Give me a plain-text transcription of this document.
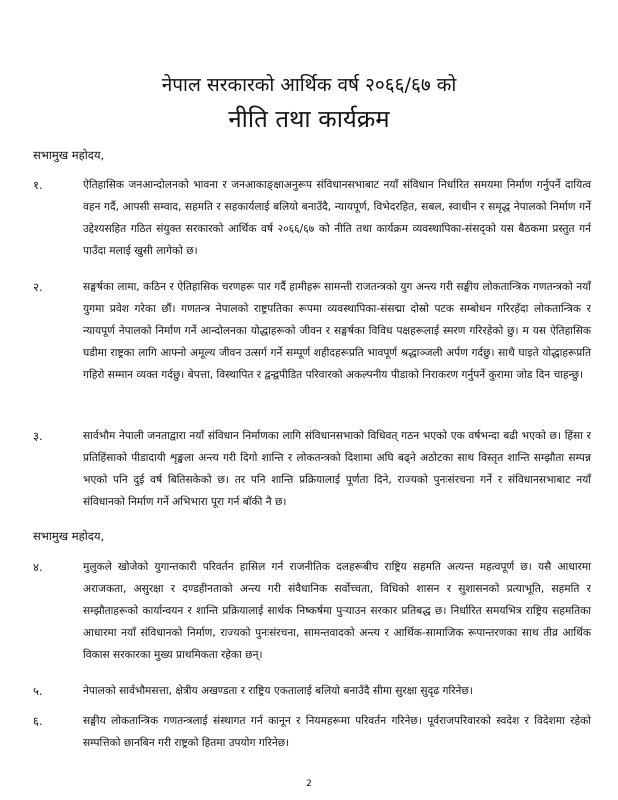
नेपाल सरकारको आर्थिक वर्ष २०६६/६७ को
नीति तथा कार्यक्रम
सभामुख महोदय,
१.	ऐतिहासिक जनआन्दोलनको भावना र जनआकाङ्क्षाअनुरूप संविधानसभाबाट नयाँ संविधान निर्धारित समयमा निर्माण गर्नुपर्ने दायित्व वहन गर्दै, आपसी सम्वाद, सहमति र सहकार्यलाई बलियो बनाउँदै, न्यायपूर्ण, विभेदरहित, सबल, स्वाधीन र समृद्ध नेपालको निर्माण गर्ने उद्देश्यसहित गठित संयुक्त सरकारको आर्थिक वर्ष २०६६/६७ को नीति तथा कार्यक्रम व्यवस्थापिका-संसद्को यस बैठकमा प्रस्तुत गर्न पाउँदा मलाई खुसी लागेको छ।
२.	सङ्घर्षका लामा, कठिन र ऐतिहासिक चरणहरू पार गर्दै हामीहरू सामन्ती राजतन्त्रको युग अन्त्य गरी सङ्घीय लोकतान्त्रिक गणतन्त्रको नयाँ युगमा प्रवेश गरेका छौं। गणतन्त्र नेपालको राष्ट्रपतिका रूपमा व्यवस्थापिका-संसद्मा दोस्रो पटक सम्बोधन गरिरहँदा लोकतान्त्रिक र न्यायपूर्ण नेपालको निर्माण गर्ने आन्दोलनका योद्धाहरूको जीवन र सङ्घर्षका विविध पक्षहरूलाई स्मरण गरिरहेको छु। म यस ऐतिहासिक घडीमा राष्ट्रका लागि आफ्नो अमूल्य जीवन उत्सर्ग गर्ने सम्पूर्ण शहीदहरूप्रति भावपूर्ण श्रद्धाञ्जली अर्पण गर्दछु। साथै घाइते योद्धाहरूप्रति गहिरो सम्मान व्यक्त गर्दछु। बेपत्ता, विस्थापित र द्वन्द्वपीडित परिवारको अकल्पनीय पीडाको निराकरण गर्नुपर्ने कुरामा जोड दिन चाहन्छु।
३.	सार्वभौम नेपाली जनताद्वारा नयाँ संविधान निर्माणका लागि संविधानसभाको विधिवत् गठन भएको एक वर्षभन्दा बढी भएको छ। हिंसा र प्रतिहिंसाको पीडादायी शृङ्खला अन्त्य गरी दिगो शान्ति र लोकतन्त्रको दिशामा अघि बढ्ने अठोटका साथ विस्तृत शान्ति सम्झौता सम्पन्न भएको पनि दुई वर्ष बितिसकेको छ। तर पनि शान्ति प्रक्रियालाई पूर्णता दिने, राज्यको पुनःसंरचना गर्ने र संविधानसभाबाट नयाँ संविधानको निर्माण गर्ने अभिभारा पूरा गर्न बाँकी नै छ।
सभामुख महोदय,
४.	मुलुकले खोजेको युगान्तकारी परिवर्तन हासिल गर्न राजनीतिक दलहरूबीच राष्ट्रिय सहमति अत्यन्त महत्वपूर्ण छ। यसै आधारमा अराजकता, असुरक्षा र दण्डहीनताको अन्त्य गरी संवैधानिक सर्वोच्चता, विधिको शासन र सुशासनको प्रत्याभूति, सहमति र सम्झौताहरूको कार्यान्वयन र शान्ति प्रक्रियालाई सार्थक निष्कर्षमा पुऱ्याउन सरकार प्रतिबद्ध छ। निर्धारित समयभित्र राष्ट्रिय सहमतिका आधारमा नयाँ संविधानको निर्माण, राज्यको पुनःसंरचना, सामन्तवादको अन्त्य र आर्थिक-सामाजिक रूपान्तरणका साथ तीव्र आर्थिक विकास सरकारका मुख्य प्राथमिकता रहेका छन्।
५.	नेपालको सार्वभौमसत्ता, क्षेत्रीय अखण्डता र राष्ट्रिय एकतालाई बलियो बनाउँदै सीमा सुरक्षा सुदृढ गरिनेछ।
६.	सङ्घीय लोकतान्त्रिक गणतन्त्रलाई संस्थागत गर्न कानून र नियमहरूमा परिवर्तन गरिनेछ। पूर्वराजपरिवारको स्वदेश र विदेशमा रहेको सम्पत्तिको छानबिन गरी राष्ट्रको हितमा उपयोग गरिनेछ।
2
